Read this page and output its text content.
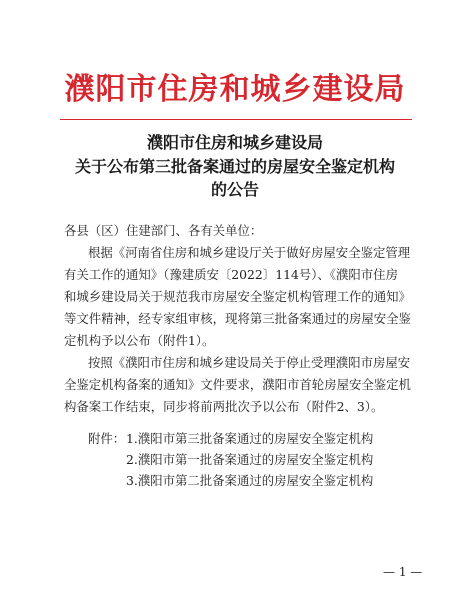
濮阳市住房和城乡建设局
濮阳市住房和城乡建设局
关于公布第三批备案通过的房屋安全鉴定机构
的公告
各县（区）住建部门、各有关单位：
根据《河南省住房和城乡建设厅关于做好房屋安全鉴定管理
有关工作的通知》（豫建质安〔2022〕114号）、《濮阳市住房
和城乡建设局关于规范我市房屋安全鉴定机构管理工作的通知》
等文件精神，经专家组审核，现将第三批备案通过的房屋安全鉴
定机构予以公布（附件1）。
按照《濮阳市住房和城乡建设局关于停止受理濮阳市房屋安
全鉴定机构备案的通知》文件要求，濮阳市首轮房屋安全鉴定机
构备案工作结束，同步将前两批次予以公布（附件2、3）。
附件： 1.濮阳市第三批备案通过的房屋安全鉴定机构
2.濮阳市第一批备案通过的房屋安全鉴定机构
3.濮阳市第二批备案通过的房屋安全鉴定机构
— 1 —
